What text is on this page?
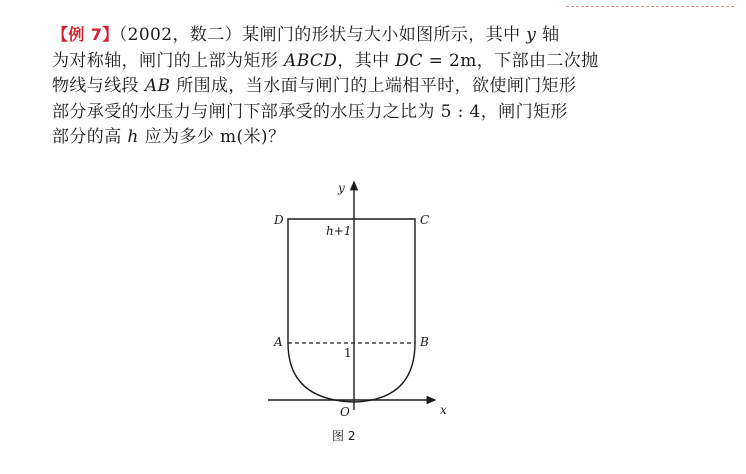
【例 7】（2002，数二）某闸门的形状与大小如图所示，其中 y 轴

为对称轴，闸门的上部为矩形 ABCD，其中 DC = 2m，下部由二次抛

物线与线段 AB 所围成，当水面与闸门的上端相平时，欲使闸门矩形

部分承受的水压力与闸门下部承受的水压力之比为 5 : 4，闸门矩形

部分的高 h 应为多少 m(米)？

y
x
O
A	B
C
D
h+1
1
图 2
